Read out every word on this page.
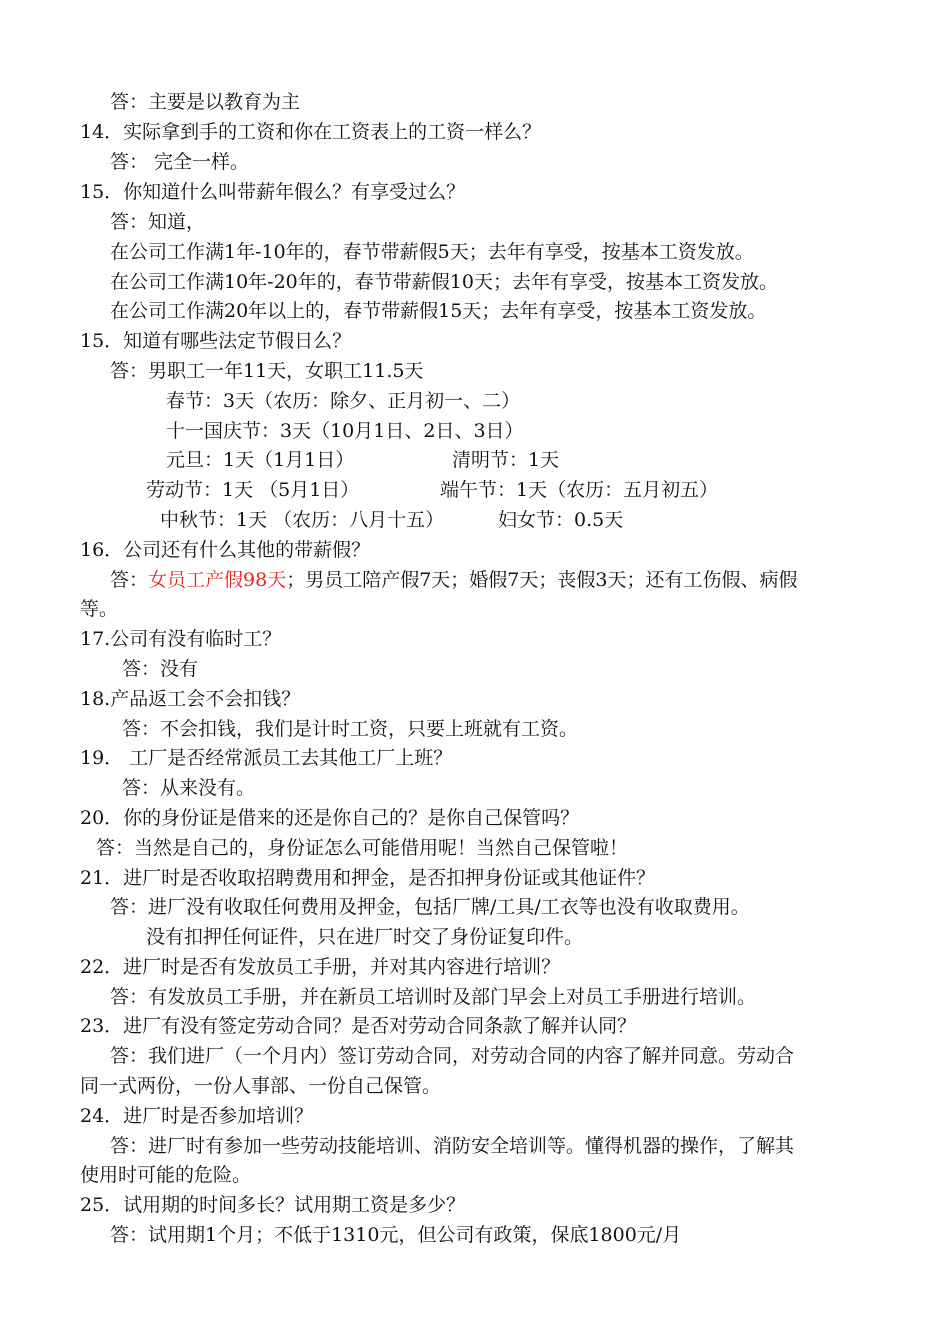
答：主要是以教育为主

14．实际拿到手的工资和你在工资表上的工资一样么？

答： 完全一样。

15．你知道什么叫带薪年假么？有享受过么？

答：知道，

在公司工作满1年-10年的，春节带薪假5天；去年有享受，按基本工资发放。

在公司工作满10年-20年的，春节带薪假10天；去年有享受，按基本工资发放。

在公司工作满20年以上的，春节带薪假15天；去年有享受，按基本工资发放。

15．知道有哪些法定节假日么？

答：男职工一年11天，女职工11.5天

春节：3天（农历：除夕、正月初一、二）

十一国庆节：3天（10月1日、2日、3日）

元旦：1天（1月1日）	清明节：1天

劳动节：1天 （5月1日）	端午节：1天（农历：五月初五）

中秋节：1天 （农历：八月十五）	妇女节：0.5天

16．公司还有什么其他的带薪假？

答：女员工产假98天；男员工陪产假7天；婚假7天；丧假3天；还有工伤假、病假

等。

17.公司有没有临时工？

答：没有

18.产品返工会不会扣钱？

答：不会扣钱，我们是计时工资，只要上班就有工资。

19． 工厂是否经常派员工去其他工厂上班？

答：从来没有。

20．你的身份证是借来的还是你自己的？是你自己保管吗？

答：当然是自己的，身份证怎么可能借用呢！当然自己保管啦！

21．进厂时是否收取招聘费用和押金，是否扣押身份证或其他证件？

答：进厂没有收取任何费用及押金，包括厂牌/工具/工衣等也没有收取费用。

没有扣押任何证件，只在进厂时交了身份证复印件。

22．进厂时是否有发放员工手册，并对其内容进行培训？

答：有发放员工手册，并在新员工培训时及部门早会上对员工手册进行培训。

23．进厂有没有签定劳动合同？是否对劳动合同条款了解并认同？

答：我们进厂（一个月内）签订劳动合同，对劳动合同的内容了解并同意。劳动合

同一式两份，一份人事部、一份自己保管。

24．进厂时是否参加培训？

答：进厂时有参加一些劳动技能培训、消防安全培训等。懂得机器的操作，了解其

使用时可能的危险。

25．试用期的时间多长？试用期工资是多少？

答：试用期1个月；不低于1310元，但公司有政策，保底1800元/月
